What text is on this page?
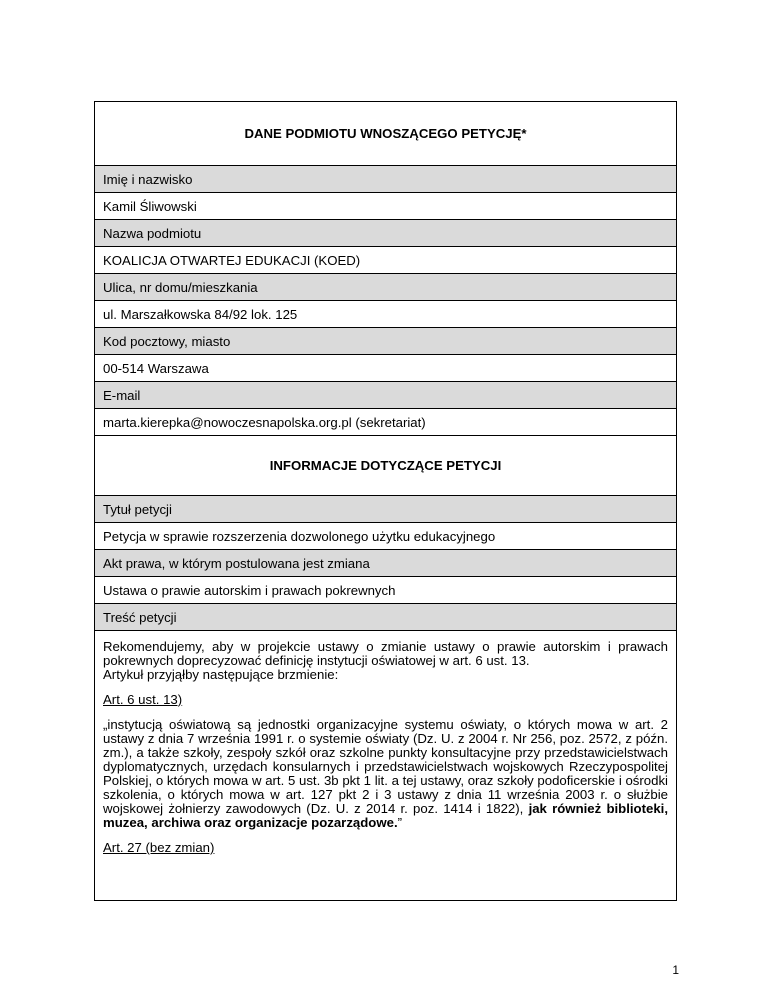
DANE PODMIOTU WNOSZĄCEGO PETYCJĘ*
Imię i nazwisko
Kamil Śliwowski
Nazwa podmiotu
KOALICJA OTWARTEJ EDUKACJI (KOED)
Ulica, nr domu/mieszkania
ul. Marszałkowska 84/92 lok. 125
Kod pocztowy, miasto
00-514 Warszawa
E-mail
marta.kierepka@nowoczesnapolska.org.pl (sekretariat)
INFORMACJE DOTYCZĄCE PETYCJI
Tytuł petycji
Petycja w sprawie rozszerzenia dozwolonego użytku edukacyjnego
Akt prawa, w którym postulowana jest zmiana
Ustawa o prawie autorskim i prawach pokrewnych
Treść petycji

Rekomendujemy, aby w projekcie ustawy o zmianie ustawy o prawie autorskim i prawach pokrewnych doprecyzować definicję instytucji oświatowej w art. 6 ust. 13.

Artykuł przyjąłby następujące brzmienie:

Art. 6 ust. 13)

„instytucją oświatową są jednostki organizacyjne systemu oświaty, o których mowa w art. 2 ustawy z dnia 7 września 1991 r. o systemie oświaty (Dz. U. z 2004 r. Nr 256, poz. 2572, z późn. zm.), a także szkoły, zespoły szkół oraz szkolne punkty konsultacyjne przy przedstawicielstwach dyplomatycznych, urzędach konsularnych i przedstawicielstwach wojskowych Rzeczypospolitej Polskiej, o których mowa w art. 5 ust. 3b pkt 1 lit. a tej ustawy, oraz szkoły podoficerskie i ośrodki szkolenia, o których mowa w art. 127 pkt 2 i 3 ustawy z dnia 11 września 2003 r. o służbie wojskowej żołnierzy zawodowych (Dz. U. z 2014 r. poz. 1414 i 1822), jak również biblioteki, muzea, archiwa oraz organizacje pozarządowe.”

Art. 27 (bez zmian)

1
